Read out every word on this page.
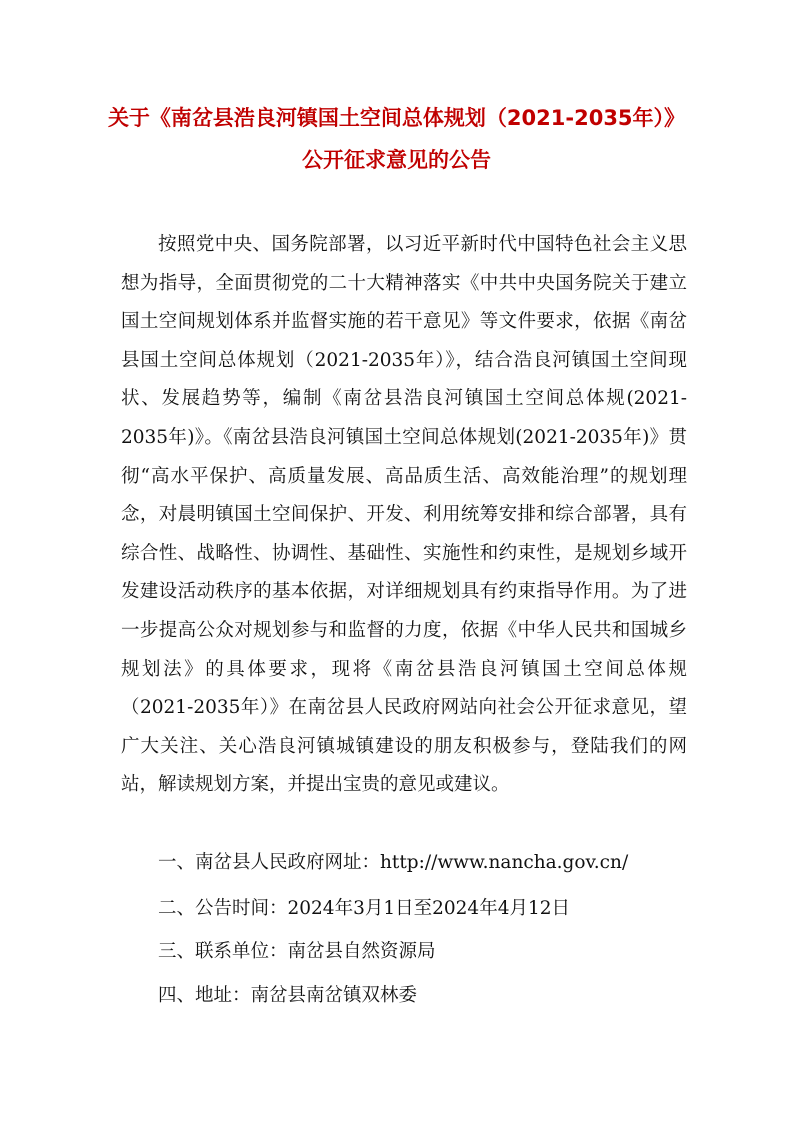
关于《南岔县浩良河镇国土空间总体规划（2021-2035年）》
公开征求意见的公告

按照党中央、国务院部署，以习近平新时代中国特色社会主义思想为指导，全面贯彻党的二十大精神落实《中共中央国务院关于建立国土空间规划体系并监督实施的若干意见》等文件要求，依据《南岔县国土空间总体规划（2021-2035年）》，结合浩良河镇国土空间现状、发展趋势等，编制《南岔县浩良河镇国土空间总体规(2021-2035年)》。《南岔县浩良河镇国土空间总体规划(2021-2035年)》贯彻“高水平保护、高质量发展、高品质生活、高效能治理”的规划理念，对晨明镇国土空间保护、开发、利用统筹安排和综合部署，具有综合性、战略性、协调性、基础性、实施性和约束性，是规划乡域开发建设活动秩序的基本依据，对详细规划具有约束指导作用。为了进一步提高公众对规划参与和监督的力度，依据《中华人民共和国城乡规划法》的具体要求，现将《南岔县浩良河镇国土空间总体规（2021-2035年）》在南岔县人民政府网站向社会公开征求意见，望广大关注、关心浩良河镇城镇建设的朋友积极参与，登陆我们的网站，解读规划方案，并提出宝贵的意见或建议。

一、南岔县人民政府网址：http://www.nancha.gov.cn/
二、公告时间：2024年3月1日至2024年4月12日
三、联系单位：南岔县自然资源局
四、地址：南岔县南岔镇双林委
